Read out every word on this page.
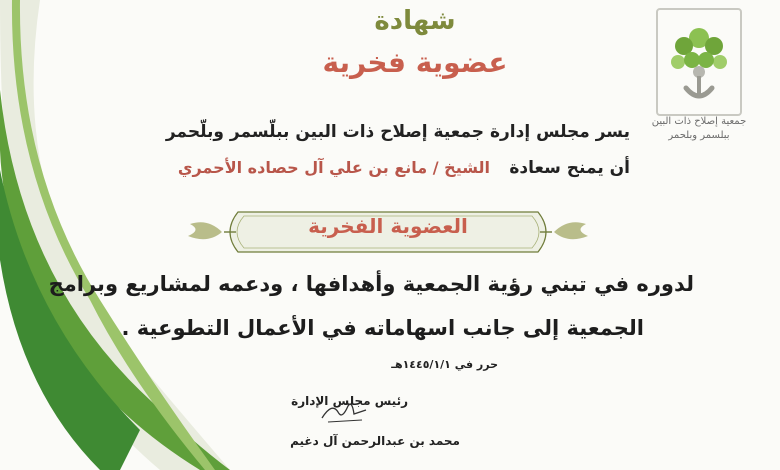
جمعية إصلاح ذات البين
ببلسمر وبلحمر
شهادة
عضوية فخرية
يسر مجلس إدارة جمعية إصلاح ذات البين ببلّسمر وبلّحمر
أن يمنح سعادة
الشيخ / مانع بن علي آل حصاده الأحمري
العضوية الفخرية
لدوره في تبني رؤية الجمعية وأهدافها ، ودعمه لمشاريع وبرامج
الجمعية إلى جانب اسهاماته في الأعمال التطوعية .
حرر في ١٤٤٥/١/١هـ
رئيس مجلس الإدارة
محمد بن عبدالرحمن آل دغيم
